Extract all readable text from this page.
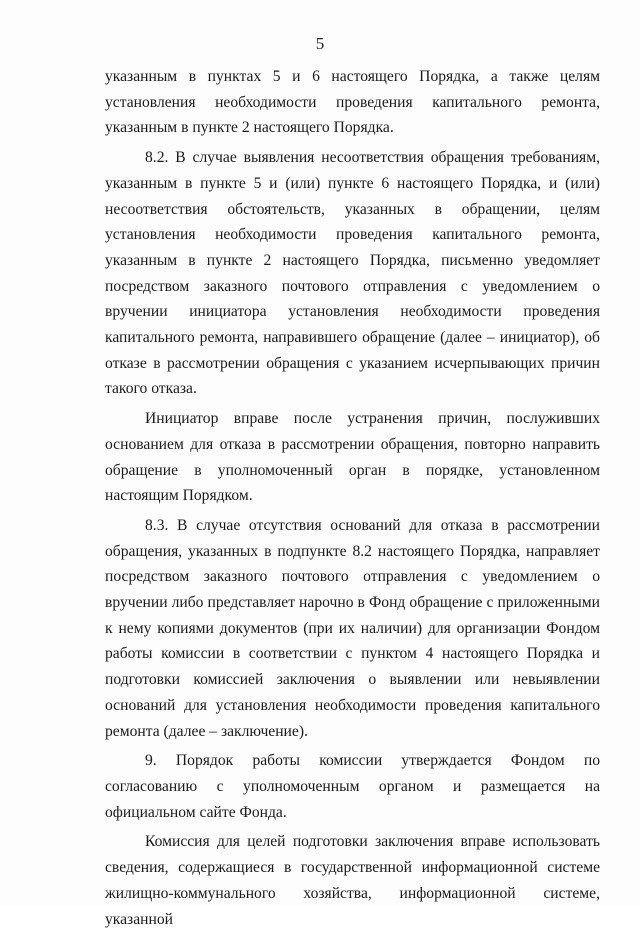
5

указанным в пунктах 5 и 6 настоящего Порядка, а также целям установления необходимости проведения капитального ремонта, указанным в пункте 2 настоящего Порядка.

8.2. В случае выявления несоответствия обращения требованиям, указанным в пункте 5 и (или) пункте 6 настоящего Порядка, и (или) несоответствия обстоятельств, указанных в обращении, целям установления необходимости проведения капитального ремонта, указанным в пункте 2 настоящего Порядка, письменно уведомляет посредством заказного почтового отправления с уведомлением о вручении инициатора установления необходимости проведения капитального ремонта, направившего обращение (далее – инициатор), об отказе в рассмотрении обращения с указанием исчерпывающих причин такого отказа.

Инициатор вправе после устранения причин, послуживших основанием для отказа в рассмотрении обращения, повторно направить обращение в уполномоченный орган в порядке, установленном настоящим Порядком.

8.3. В случае отсутствия оснований для отказа в рассмотрении обращения, указанных в подпункте 8.2 настоящего Порядка, направляет посредством заказного почтового отправления с уведомлением о вручении либо представляет нарочно в Фонд обращение с приложенными к нему копиями документов (при их наличии) для организации Фондом работы комиссии в соответствии с пунктом 4 настоящего Порядка и подготовки комиссией заключения о выявлении или невыявлении оснований для установления необходимости проведения капитального ремонта (далее – заключение).

9. Порядок работы комиссии утверждается Фондом по согласованию с уполномоченным органом и размещается на официальном сайте Фонда.

Комиссия для целей подготовки заключения вправе использовать сведения, содержащиеся в государственной информационной системе жилищно-коммунального хозяйства, информационной системе, указанной
